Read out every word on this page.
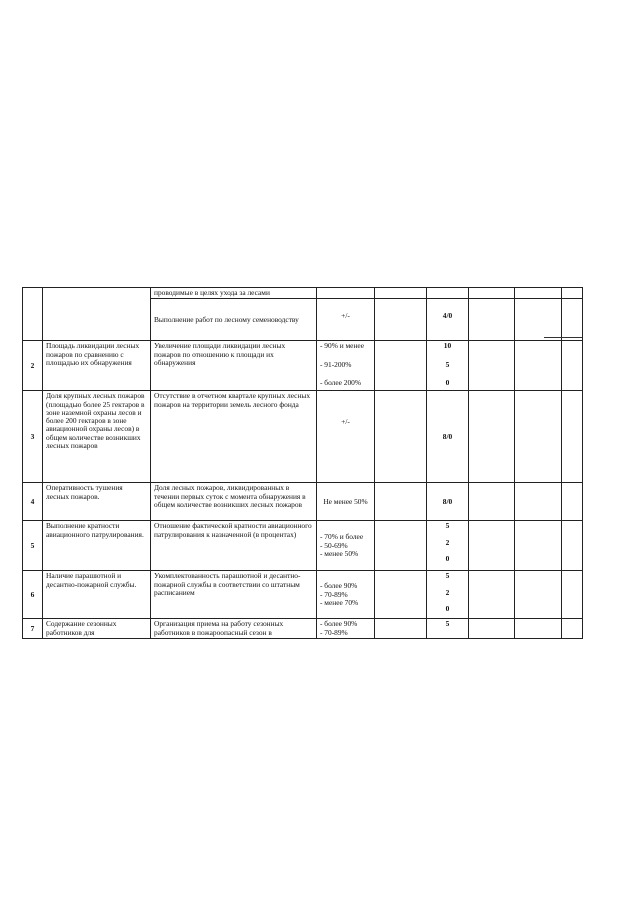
		проводимые в целях ухода за лесами						
		Выполнение работ по лесному семеноводству	+/-		4/0			
2	Площадь ликвидации лесных пожаров по сравнению с площадью их обнаружения	Увеличение площади ликвидации лесных пожаров по отношению к площади их обнаружения	- 90% и менее
- 91-200%
- более 200%		10
5
0			

3	Доля крупных лесных пожаров (площадью более 25 гектаров в зоне наземной охраны лесов и более 200 гектаров в зоне авиационной охраны лесов) в общем количестве возникших лесных пожаров	Отсутствие в отчетном квартале крупных лесных пожаров на территории земель лесного фонда	+/-		8/0			
4	Оперативность тушения лесных пожаров.	Доля лесных пожаров, ликвидированных в течении первых суток с момента обнаружения в общем количестве возникших лесных пожаров	Не менее 50%		8/0			
5	Выполнение кратности авиационного патрулирования.	Отношение фактической кратности авиационного патрулирования к назначенной (в процентах)	- 70% и более
- 50-69%
- менее 50%		5
2
0			

6	Наличие парашютной и десантно-пожарной службы.	Укомплектованность парашютной и десантно-пожарной службы в соответствии со штатным расписанием	- более 90%
- 70-89%
- менее 70%		5
2
0			

7	Содержание сезонных работников для	Организация приема на работу сезонных работников в пожароопасный сезон в	- более 90%
- 70-89%		5			
